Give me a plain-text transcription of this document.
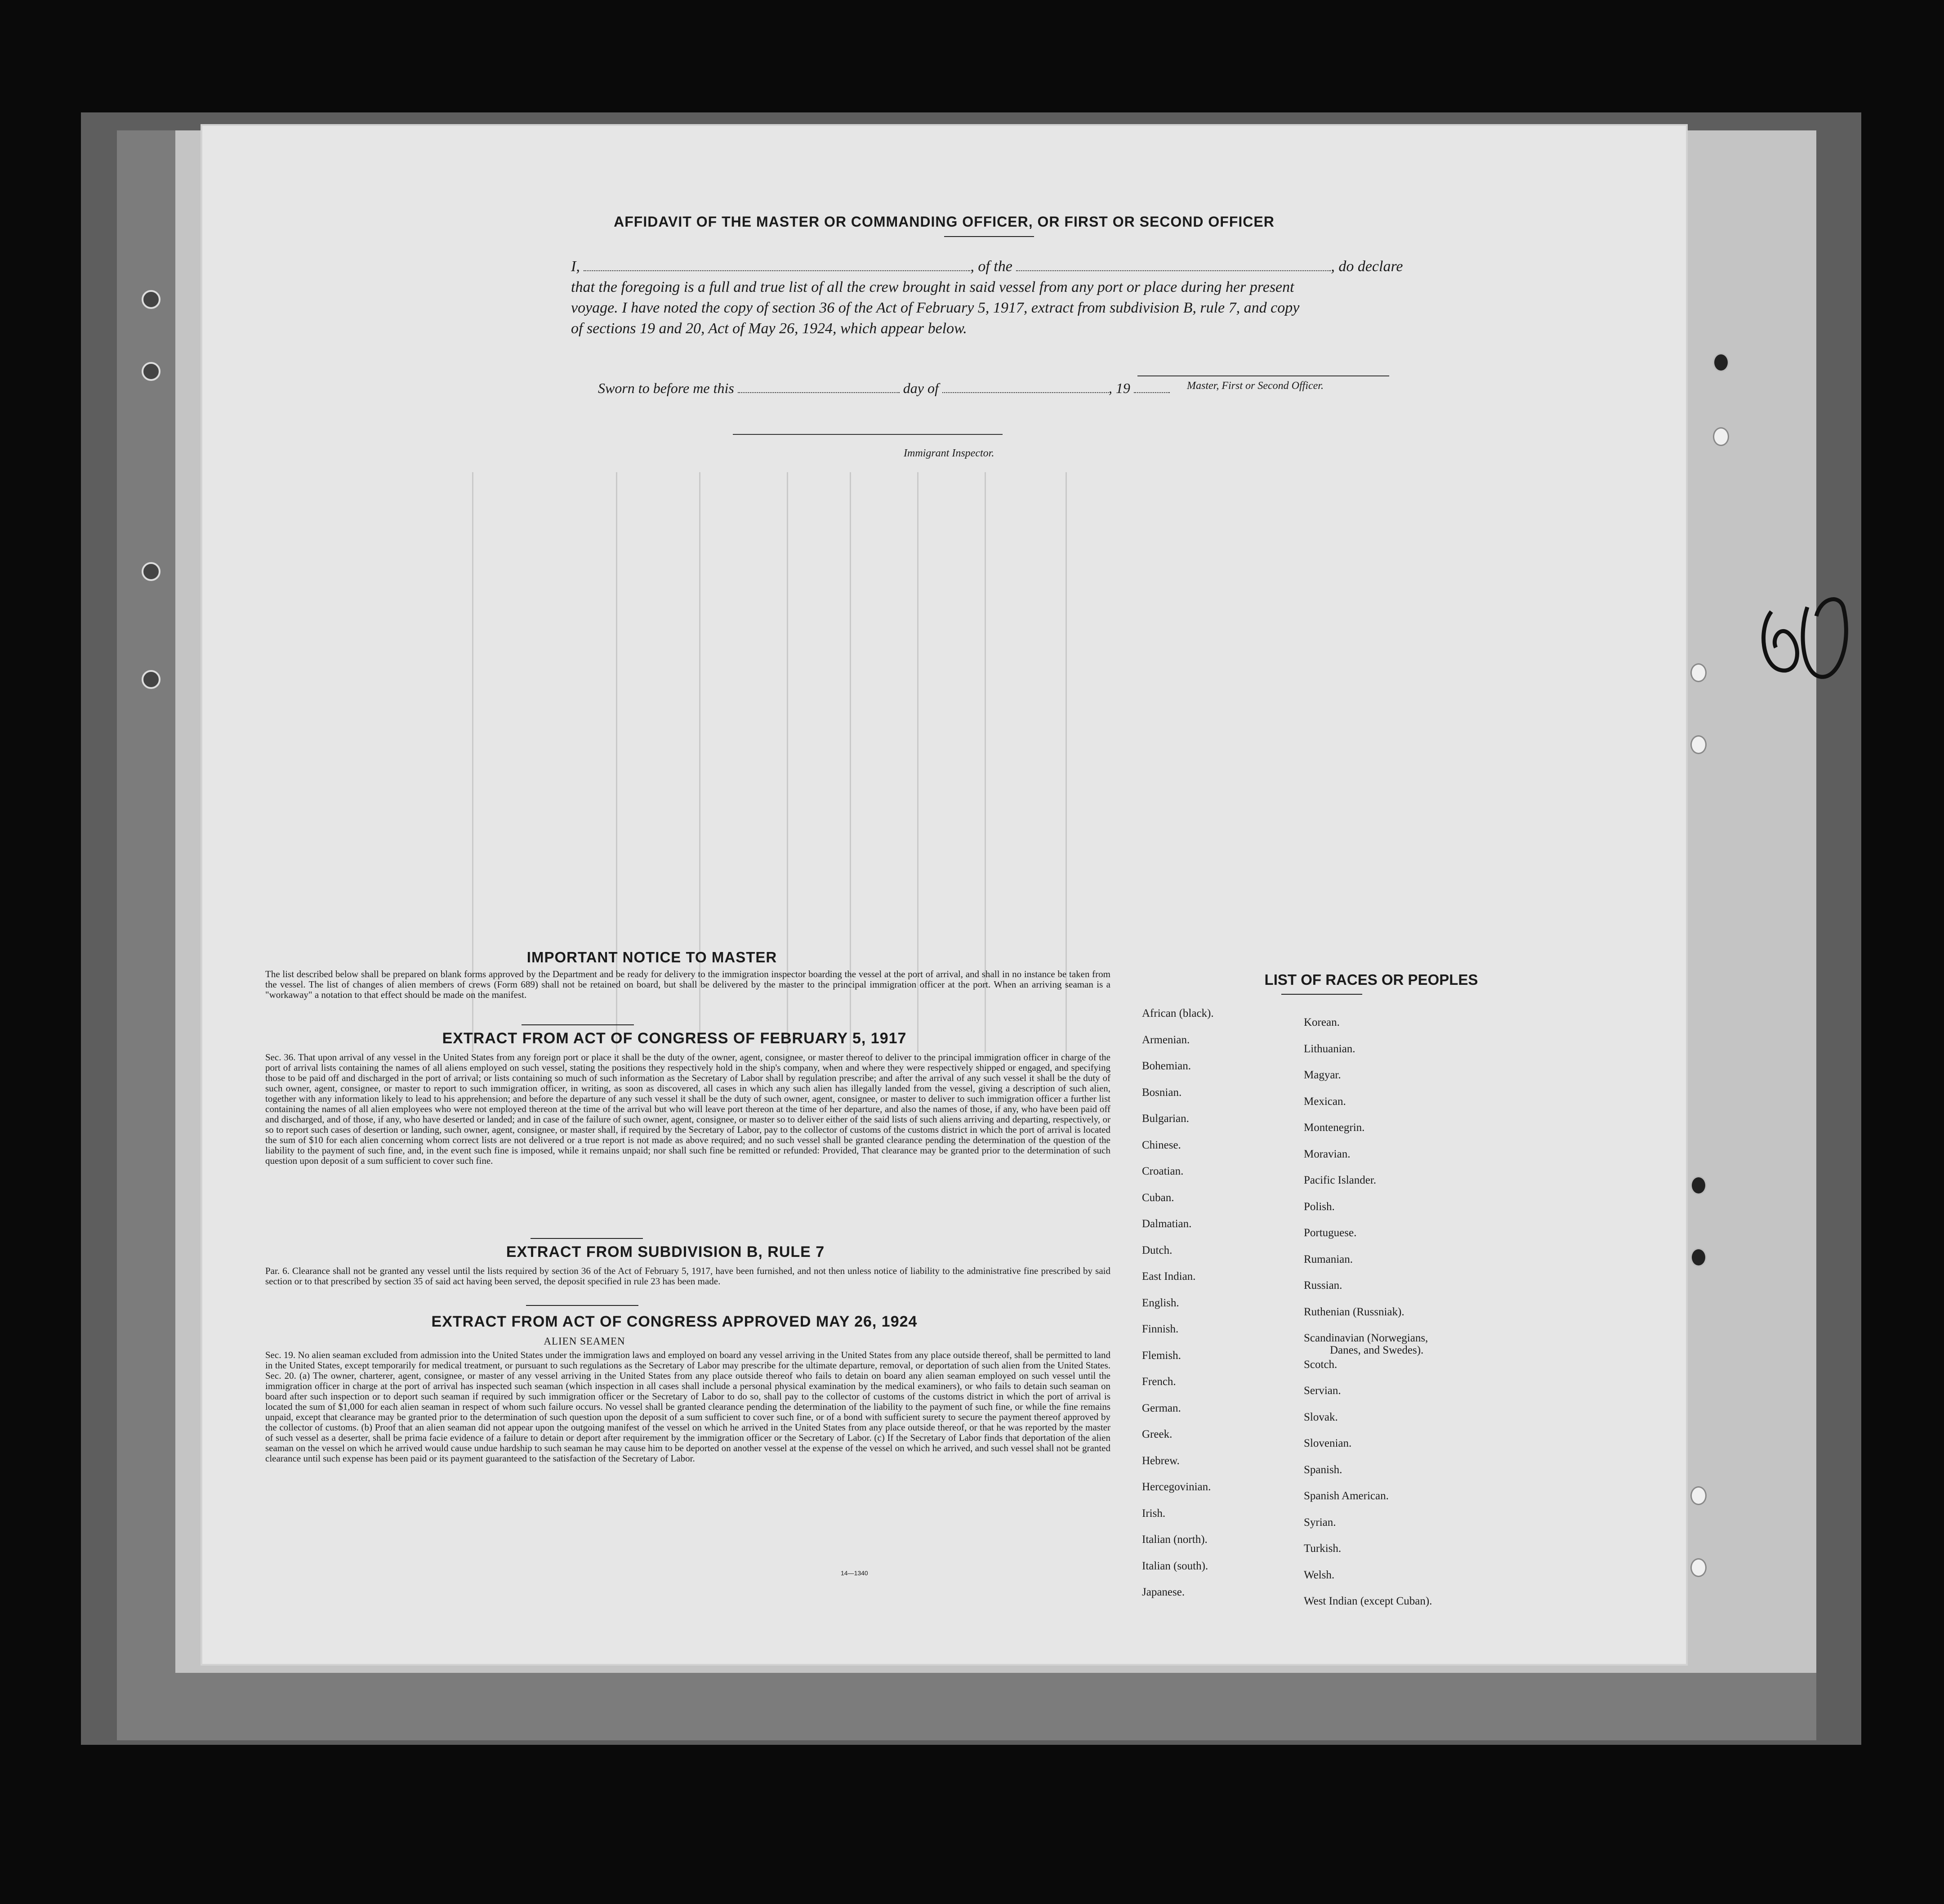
AFFIDAVIT OF THE MASTER OR COMMANDING OFFICER, OR FIRST OR SECOND OFFICER
I,	, of the	, do declare
that the foregoing is a full and true list of all the crew brought in said vessel from any port or place during her present
voyage. I have noted the copy of section 36 of the Act of February 5, 1917, extract from subdivision B, rule 7, and copy
of sections 19 and 20, Act of May 26, 1924, which appear below.
Master, First or Second Officer.
Sworn to before me this	day of	, 19
Immigrant Inspector.
IMPORTANT NOTICE TO MASTER
The list described below shall be prepared on blank forms approved by the Department and be ready for delivery to the immigration inspector boarding the vessel at the port of arrival, and shall in no instance be taken from the vessel. The list of changes of alien members of crews (Form 689) shall not be retained on board, but shall be delivered by the master to the principal immigration officer at the port. When an arriving seaman is a "workaway" a notation to that effect should be made on the manifest.
EXTRACT FROM ACT OF CONGRESS OF FEBRUARY 5, 1917
Sec. 36. That upon arrival of any vessel in the United States from any foreign port or place it shall be the duty of the owner, agent, consignee, or master thereof to deliver to the principal immigration officer in charge of the port of arrival lists containing the names of all aliens employed on such vessel, stating the positions they respectively hold in the ship's company, when and where they were respectively shipped or engaged, and specifying those to be paid off and discharged in the port of arrival; or lists containing so much of such information as the Secretary of Labor shall by regulation prescribe; and after the arrival of any such vessel it shall be the duty of such owner, agent, consignee, or master to report to such immigration officer, in writing, as soon as discovered, all cases in which any such alien has illegally landed from the vessel, giving a description of such alien, together with any information likely to lead to his apprehension; and before the departure of any such vessel it shall be the duty of such owner, agent, consignee, or master to deliver to such immigration officer a further list containing the names of all alien employees who were not employed thereon at the time of the arrival but who will leave port thereon at the time of her departure, and also the names of those, if any, who have been paid off and discharged, and of those, if any, who have deserted or landed; and in case of the failure of such owner, agent, consignee, or master so to deliver either of the said lists of such aliens arriving and departing, respectively, or so to report such cases of desertion or landing, such owner, agent, consignee, or master shall, if required by the Secretary of Labor, pay to the collector of customs of the customs district in which the port of arrival is located the sum of $10 for each alien concerning whom correct lists are not delivered or a true report is not made as above required; and no such vessel shall be granted clearance pending the determination of the question of the liability to the payment of such fine, and, in the event such fine is imposed, while it remains unpaid; nor shall such fine be remitted or refunded: Provided, That clearance may be granted prior to the determination of such question upon deposit of a sum sufficient to cover such fine.
EXTRACT FROM SUBDIVISION B, RULE 7
Par. 6. Clearance shall not be granted any vessel until the lists required by section 36 of the Act of February 5, 1917, have been furnished, and not then unless notice of liability to the administrative fine prescribed by said section or to that prescribed by section 35 of said act having been served, the deposit specified in rule 23 has been made.
EXTRACT FROM ACT OF CONGRESS APPROVED MAY 26, 1924
ALIEN SEAMEN
Sec. 19. No alien seaman excluded from admission into the United States under the immigration laws and employed on board any vessel arriving in the United States from any place outside thereof, shall be permitted to land in the United States, except temporarily for medical treatment, or pursuant to such regulations as the Secretary of Labor may prescribe for the ultimate departure, removal, or deportation of such alien from the United States. Sec. 20. (a) The owner, charterer, agent, consignee, or master of any vessel arriving in the United States from any place outside thereof who fails to detain on board any alien seaman employed on such vessel until the immigration officer in charge at the port of arrival has inspected such seaman (which inspection in all cases shall include a personal physical examination by the medical examiners), or who fails to detain such seaman on board after such inspection or to deport such seaman if required by such immigration officer or the Secretary of Labor to do so, shall pay to the collector of customs of the customs district in which the port of arrival is located the sum of $1,000 for each alien seaman in respect of whom such failure occurs. No vessel shall be granted clearance pending the determination of the liability to the payment of such fine, or while the fine remains unpaid, except that clearance may be granted prior to the determination of such question upon the deposit of a sum sufficient to cover such fine, or of a bond with sufficient surety to secure the payment thereof approved by the collector of customs. (b) Proof that an alien seaman did not appear upon the outgoing manifest of the vessel on which he arrived in the United States from any place outside thereof, or that he was reported by the master of such vessel as a deserter, shall be prima facie evidence of a failure to detain or deport after requirement by the immigration officer or the Secretary of Labor. (c) If the Secretary of Labor finds that deportation of the alien seaman on the vessel on which he arrived would cause undue hardship to such seaman he may cause him to be deported on another vessel at the expense of the vessel on which he arrived, and such vessel shall not be granted clearance until such expense has been paid or its payment guaranteed to the satisfaction of the Secretary of Labor.
14—1340
LIST OF RACES OR PEOPLES
African (black).
Armenian.
Bohemian.
Bosnian.
Bulgarian.
Chinese.
Croatian.
Cuban.
Dalmatian.
Dutch.
East Indian.
English.
Finnish.
Flemish.
French.
German.
Greek.
Hebrew.
Hercegovinian.
Irish.
Italian (north).
Italian (south).
Japanese.
Korean.
Lithuanian.
Magyar.
Mexican.
Montenegrin.
Moravian.
Pacific Islander.
Polish.
Portuguese.
Rumanian.
Russian.
Ruthenian (Russniak).
Scandinavian (Norwegians,
Danes, and Swedes).
Scotch.
Servian.
Slovak.
Slovenian.
Spanish.
Spanish American.
Syrian.
Turkish.
Welsh.
West Indian (except Cuban).
